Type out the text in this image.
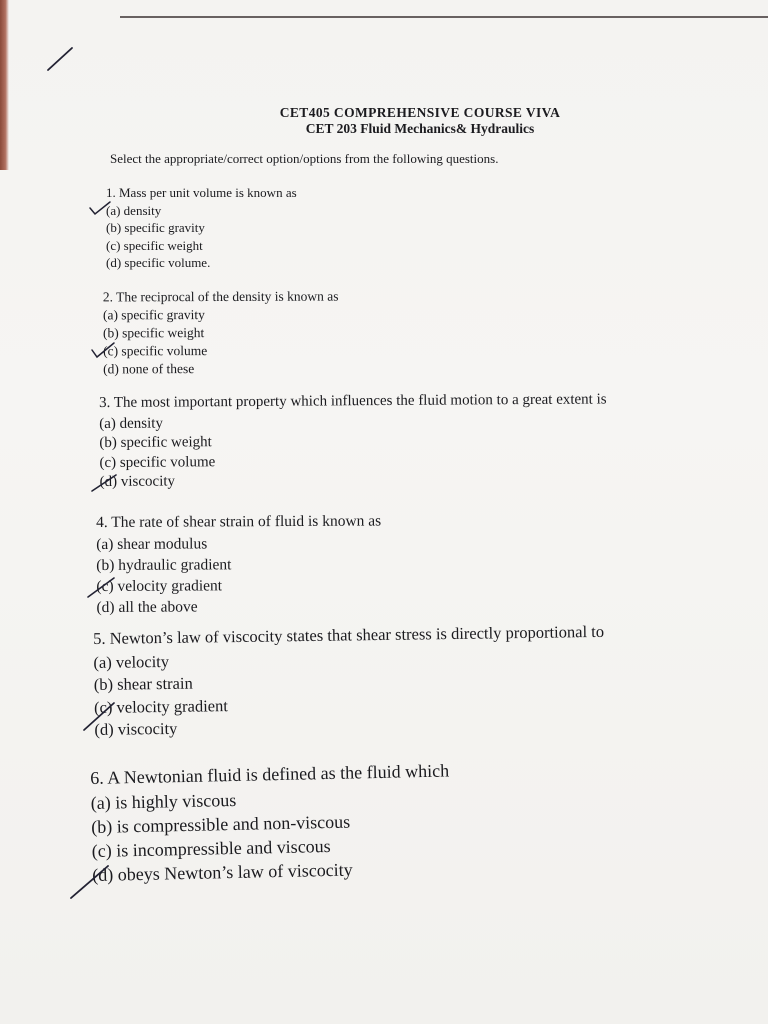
CET405 COMPREHENSIVE COURSE VIVA
CET 203 Fluid Mechanics& Hydraulics
Select the appropriate/correct option/options from the following questions.
1. Mass per unit volume is known as
(a) density
(b) specific gravity
(c) specific weight
(d) specific volume.
2. The reciprocal of the density is known as
(a) specific gravity
(b) specific weight
(c) specific volume
(d) none of these
3. The most important property which influences the fluid motion to a great extent is
(a) density
(b) specific weight
(c) specific volume
(d) viscocity
4. The rate of shear strain of fluid is known as
(a) shear modulus
(b) hydraulic gradient
(c) velocity gradient
(d) all the above
5. Newton’s law of viscocity states that shear stress is directly proportional to
(a) velocity
(b) shear strain
(c) velocity gradient
(d) viscocity
6. A Newtonian fluid is defined as the fluid which
(a) is highly viscous
(b) is compressible and non-viscous
(c) is incompressible and viscous
(d) obeys Newton’s law of viscocity
